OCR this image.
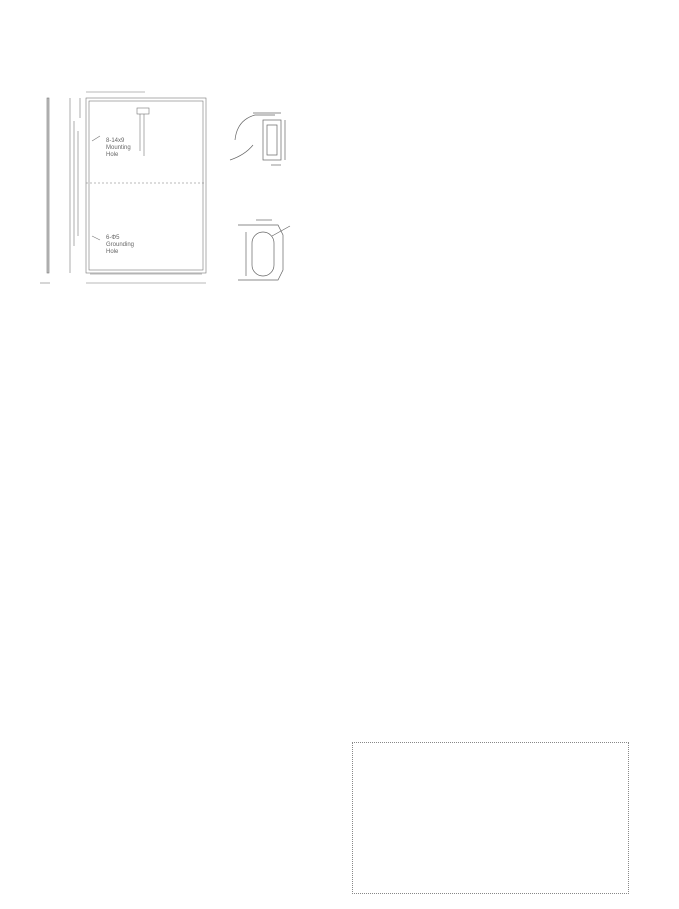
8-14x9
Mounting
Hole
6-Φ5
Grounding
Hole
